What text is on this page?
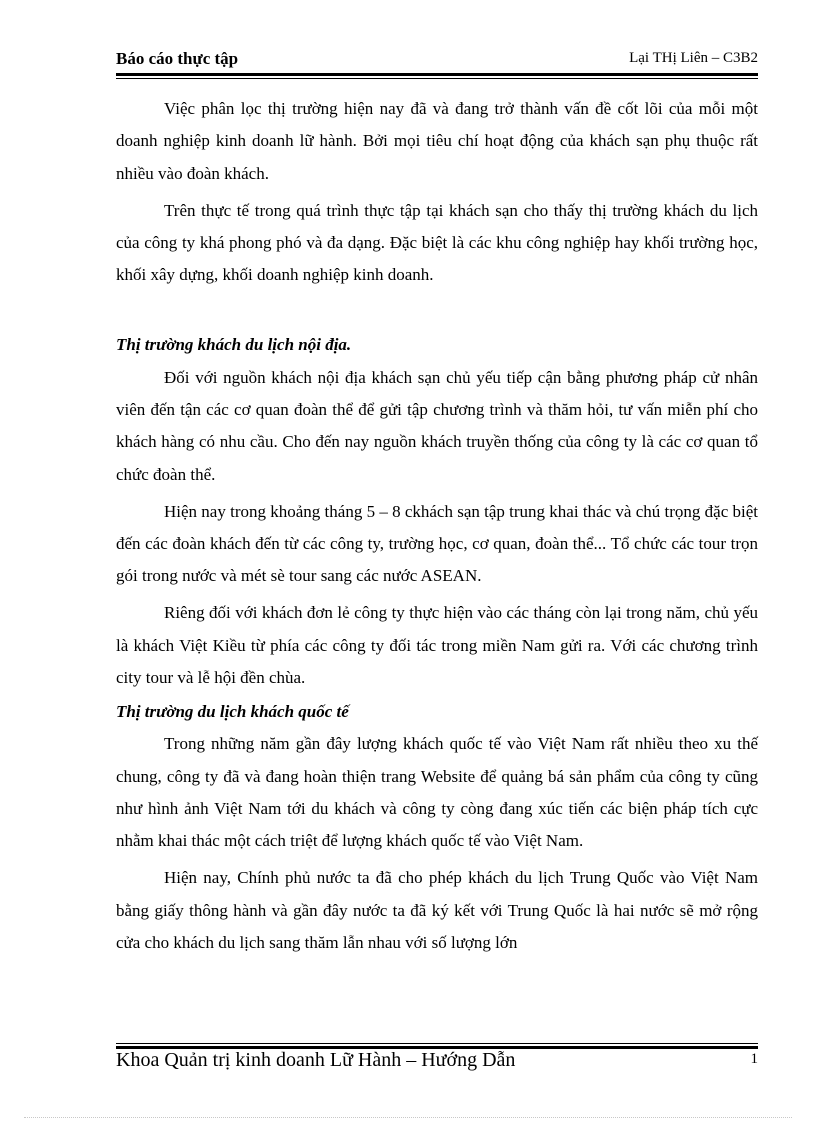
Báo cáo thực tập	Lại THị Liên – C3B2

Việc phân lọc thị trường hiện nay đã và đang trở thành vấn đề cốt lõi của mỗi một doanh nghiệp kinh doanh lữ hành. Bởi mọi tiêu chí hoạt động của khách sạn phụ thuộc rất nhiều vào đoàn khách.

Trên thực tế trong quá trình thực tập tại khách sạn cho thấy thị trường khách du lịch của công ty khá phong phó và đa dạng. Đặc biệt là các khu công nghiệp hay khối trường học, khối xây dựng, khối doanh nghiệp kinh doanh.

Thị trường khách du lịch nội địa.

Đối với nguồn khách nội địa khách sạn chủ yếu tiếp cận bằng phương pháp cử nhân viên đến tận các cơ quan đoàn thể để gửi tập chương trình và thăm hỏi, tư vấn miễn phí cho khách hàng có nhu cầu. Cho đến nay nguồn khách truyền thống của công ty là các cơ quan tổ chức đoàn thể.

Hiện nay trong khoảng tháng 5 – 8 ckhách sạn tập trung khai thác và chú trọng đặc biệt đến các đoàn khách đến từ các công ty, trường học, cơ quan, đoàn thể... Tổ chức các tour trọn gói trong nước và mét sè tour sang các nước ASEAN.

Riêng đối với khách đơn lẻ công ty thực hiện vào các tháng còn lại trong năm, chủ yếu là khách Việt Kiều từ phía các công ty đối tác trong miền Nam gửi ra. Với các chương trình city tour và lễ hội đền chùa.

Thị trường du lịch khách quốc tế

Trong những năm gần đây lượng khách quốc tế vào Việt Nam rất nhiều theo xu thế chung, công ty đã và đang hoàn thiện trang Website để quảng bá sản phẩm của công ty cũng như hình ảnh Việt Nam tới du khách và công ty còng đang xúc tiến các biện pháp tích cực nhằm khai thác một cách triệt để lượng khách quốc tế vào Việt Nam.

Hiện nay, Chính phủ nước ta đã cho phép khách du lịch Trung Quốc vào Việt Nam bằng giấy thông hành và gần đây nước ta đã ký kết với Trung Quốc là hai nước sẽ mở rộng cửa cho khách du lịch sang thăm lẫn nhau với số lượng lớn

Khoa Quản trị kinh doanh Lữ Hành – Hướng Dẫn	1
